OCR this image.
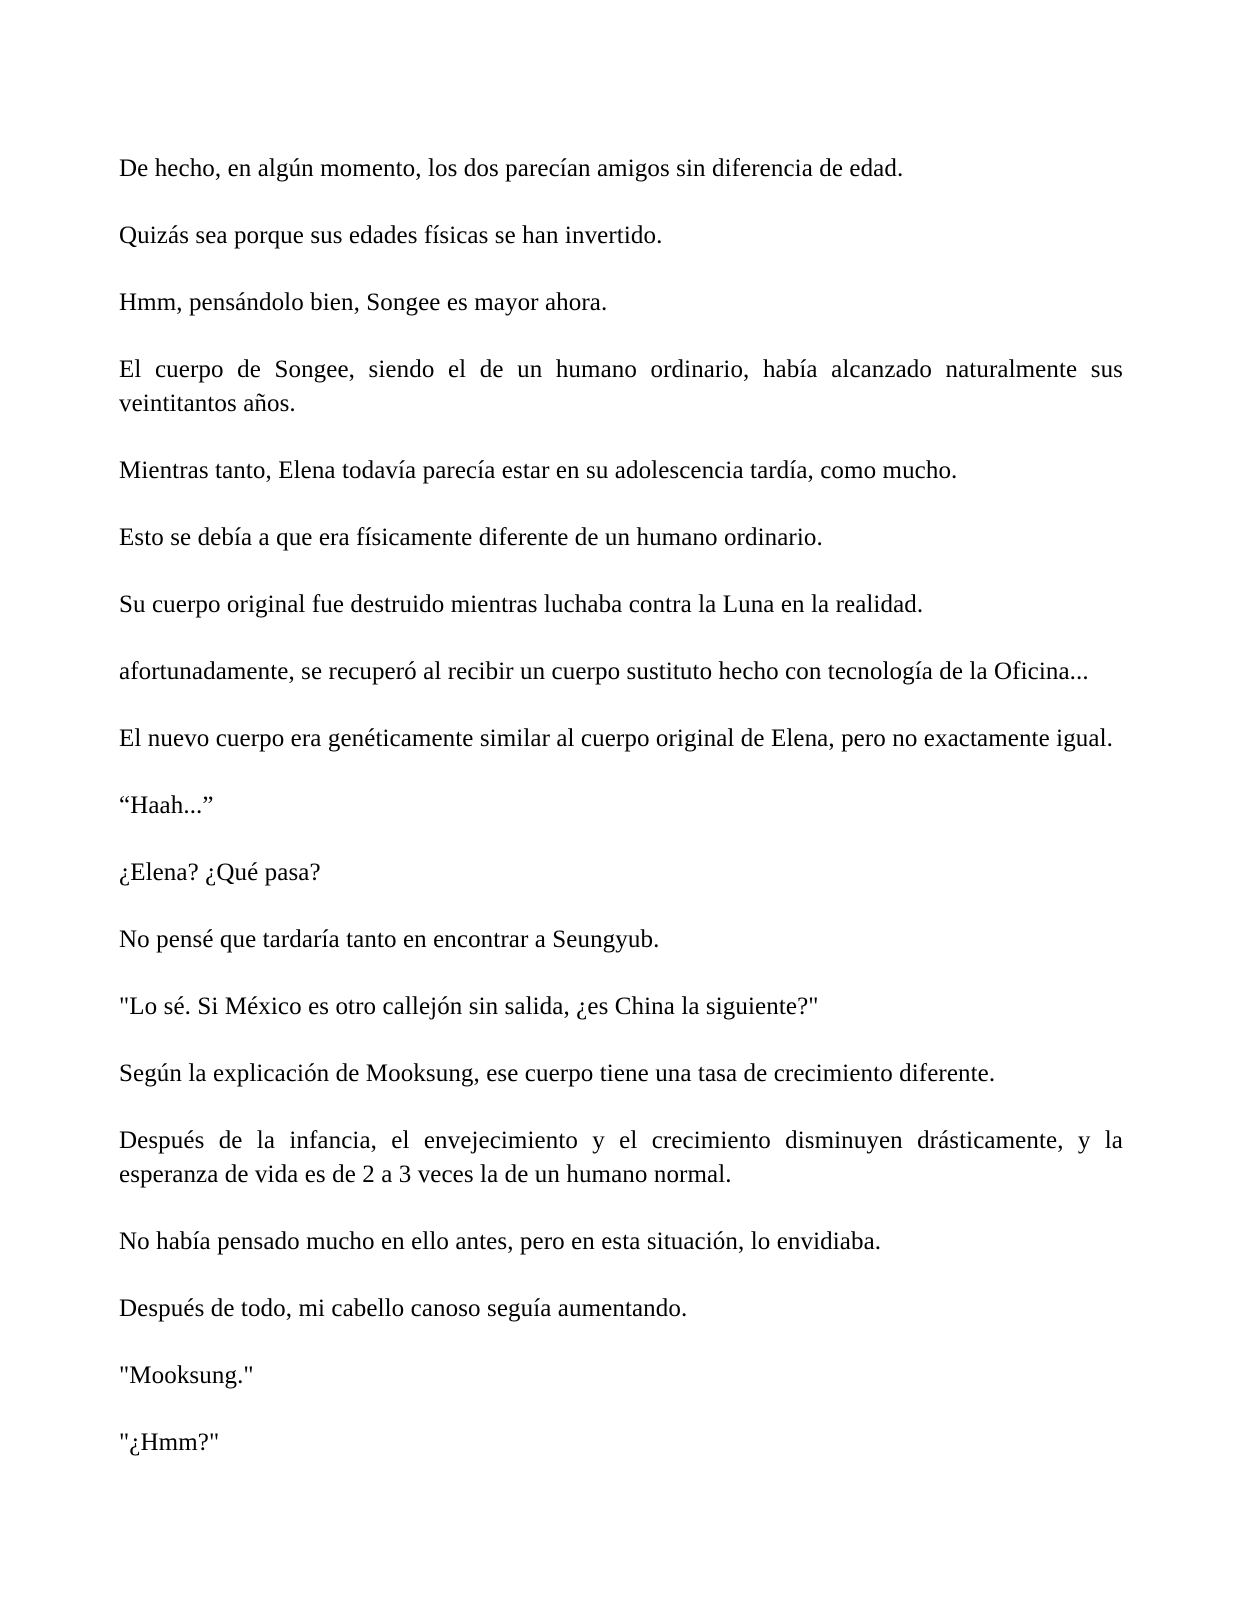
De hecho, en algún momento, los dos parecían amigos sin diferencia de edad.

Quizás sea porque sus edades físicas se han invertido.

Hmm, pensándolo bien, Songee es mayor ahora.

El cuerpo de Songee, siendo el de un humano ordinario, había alcanzado naturalmente sus veintitantos años.

Mientras tanto, Elena todavía parecía estar en su adolescencia tardía, como mucho.

Esto se debía a que era físicamente diferente de un humano ordinario.

Su cuerpo original fue destruido mientras luchaba contra la Luna en la realidad.

afortunadamente, se recuperó al recibir un cuerpo sustituto hecho con tecnología de la Oficina...

El nuevo cuerpo era genéticamente similar al cuerpo original de Elena, pero no exactamente igual.

“Haah...”

¿Elena? ¿Qué pasa?

No pensé que tardaría tanto en encontrar a Seungyub.

"Lo sé. Si México es otro callejón sin salida, ¿es China la siguiente?"

Según la explicación de Mooksung, ese cuerpo tiene una tasa de crecimiento diferente.

Después de la infancia, el envejecimiento y el crecimiento disminuyen drásticamente, y la esperanza de vida es de 2 a 3 veces la de un humano normal.

No había pensado mucho en ello antes, pero en esta situación, lo envidiaba.

Después de todo, mi cabello canoso seguía aumentando.

"Mooksung."

"¿Hmm?"
